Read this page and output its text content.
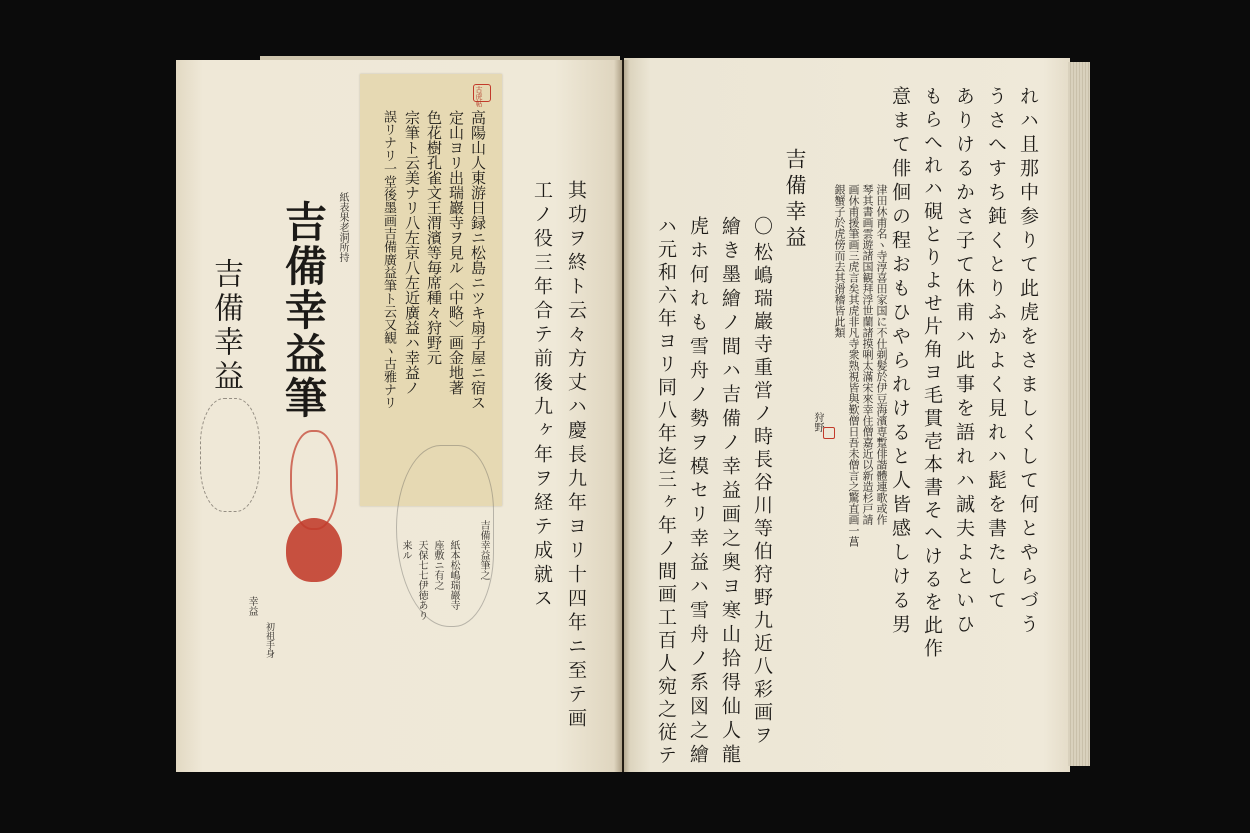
吉備幸益
幸益
初祖手身
吉備幸益筆 紙表果老洞所持
古虎帖
高陽山人東游日録ニ松島ニツキ扇子屋ニ宿ス
定山ヨリ出瑞巖寺ヲ見ル〈中略〉画金地著
色花樹孔雀文王渭濱等毎席種々狩野元
宗筆ト云美ナリ八左京八左近廣益ハ幸益ノ
誤リナリ一堂後墨画吉備廣益筆ト云又観ヽ古雅ナリ
吉備幸益筆之
紙本松嶋瑞巖寺
座敷ニ有之
天保七七伊徳あり
来ル	其功ヲ終ト云々方丈ハ慶長九年ヨリ十四年ニ至テ画
工ノ役三年合テ前後九ヶ年ヲ経テ成就ス	れハ且那中参りて此虎をさましくして何とやらづう
うさへすち鈍くとりふかよく見れハ髭を書たして
ありけるかさ子て休甫ハ此事を語れハ誠夫よといひ
もらへれハ硯とりよせ片角ヨ毛貫壱本書そへけるを此作
意まて俳佪の程おもひやられけると人皆感しける男
津田休甫名ヽ寺淳喜田家国に不仕剃髪於伊豆海濱専蹔俳諧體連歌或作
琴其書画雲遊諸国観拜浮世蘭諸摸唎太滿宋來幸住僧嘉近以新造杉戸請
画休甫援筆画三虎言矣其虎非凡寺衆熟視皆與歎僧日吾未僧言之驚直画一菖
銀蟹子於虎傍而去其滑稽皆此類
狩野
吉備幸益
〇
松嶋瑞巖寺重営ノ時長谷川等伯狩野九近八彩画ヲ
繪き墨繪ノ間ハ吉備ノ幸益画之奥ヨ寒山拾得仙人龍
虎ホ何れも雪舟ノ勢ヲ模セリ幸益ハ雪舟ノ系図之繪
ハ元和六年ヨリ同八年迄三ヶ年ノ間画工百人宛之従テ
